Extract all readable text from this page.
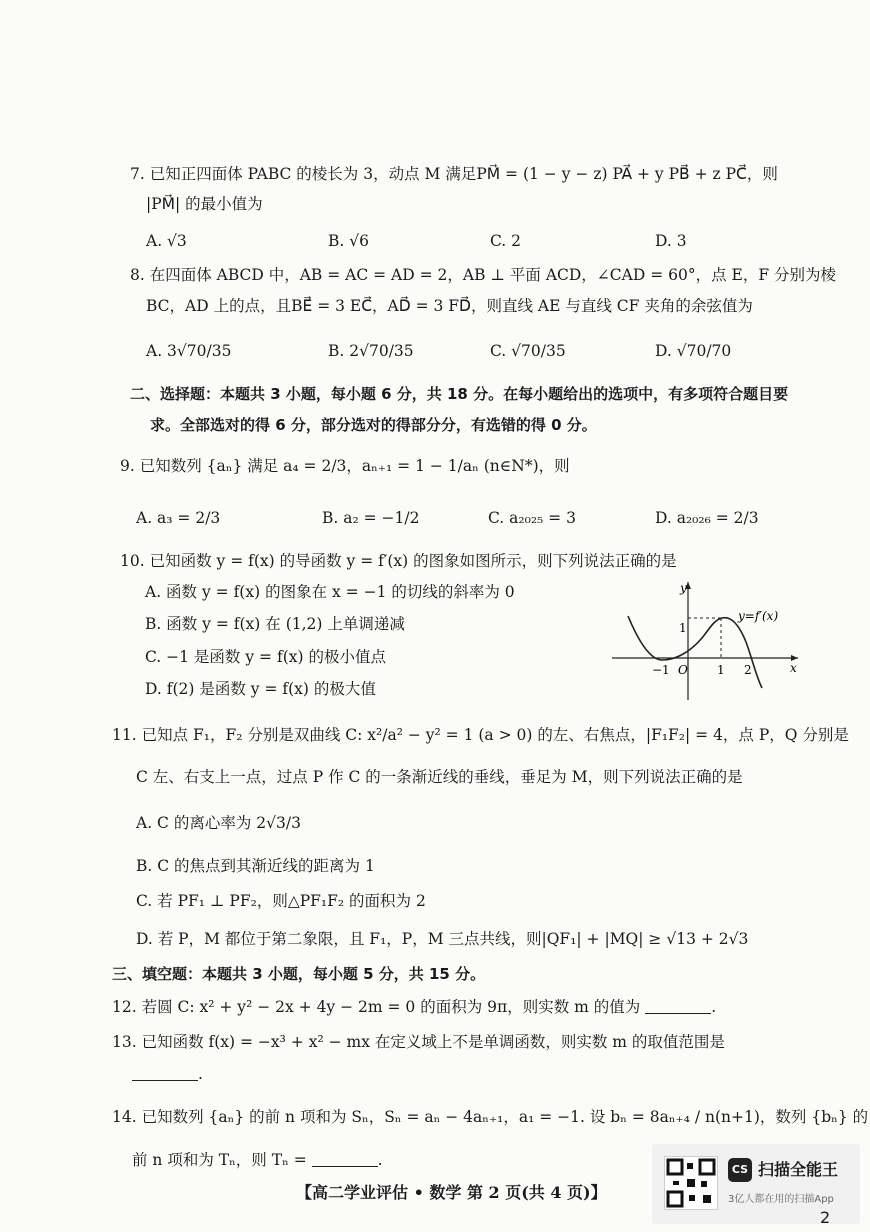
7. 已知正四面体 PABC 的棱长为 3，动点 M 满足PM⃗ = (1 − y − z) PA⃗ + y PB⃗ + z PC⃗，则
|PM⃗| 的最小值为
A. √3	B. √6	C. 2	D. 3
8. 在四面体 ABCD 中，AB = AC = AD = 2，AB ⊥ 平面 ACD，∠CAD = 60°，点 E，F 分别为棱
BC，AD 上的点，且BE⃗ = 3 EC⃗，AD⃗ = 3 FD⃗，则直线 AE 与直线 CF 夹角的余弦值为
A. 3√70/35	B. 2√70/35	C. √70/35	D. √70/70
二、选择题：本题共 3 小题，每小题 6 分，共 18 分。在每小题给出的选项中，有多项符合题目要
求。全部选对的得 6 分，部分选对的得部分分，有选错的得 0 分。
9. 已知数列 {aₙ} 满足 a₄ = 2/3，aₙ₊₁ = 1 − 1/aₙ (n∈N*)，则
A. a₃ = 2/3	B. a₂ = −1/2	C. a₂₀₂₅ = 3	D. a₂₀₂₆ = 2/3
10. 已知函数 y = f(x) 的导函数 y = f′(x) 的图象如图所示，则下列说法正确的是
A. 函数 y = f(x) 的图象在 x = −1 的切线的斜率为 0
B. 函数 y = f(x) 在 (1,2) 上单调递减
C. −1 是函数 y = f(x) 的极小值点
D. f(2) 是函数 y = f(x) 的极大值
y
x
O
−1	1 2
1
y=f′(x)
11. 已知点 F₁，F₂ 分别是双曲线 C: x²/a² − y² = 1 (a > 0) 的左、右焦点，|F₁F₂| = 4，点 P，Q 分别是
C 左、右支上一点，过点 P 作 C 的一条渐近线的垂线，垂足为 M，则下列说法正确的是
A. C 的离心率为 2√3/3
B. C 的焦点到其渐近线的距离为 1
C. 若 PF₁ ⊥ PF₂，则△PF₁F₂ 的面积为 2
D. 若 P，M 都位于第二象限，且 F₁，P，M 三点共线，则|QF₁| + |MQ| ≥ √13 + 2√3
三、填空题：本题共 3 小题，每小题 5 分，共 15 分。
12. 若圆 C: x² + y² − 2x + 4y − 2m = 0 的面积为 9π，则实数 m 的值为	.
13. 已知函数 f(x) = −x³ + x² − mx 在定义域上不是单调函数，则实数 m 的取值范围是
.
14. 已知数列 {aₙ} 的前 n 项和为 Sₙ，Sₙ = aₙ − 4aₙ₊₁，a₁ = −1. 设 bₙ = 8aₙ₊₄ / n(n+1)，数列 {bₙ} 的
前 n 项和为 Tₙ，则 Tₙ =	.
【高二学业评估 • 数学 第 2 页(共 4 页)】
CS 扫描全能王
3亿人都在用的扫描App
2
